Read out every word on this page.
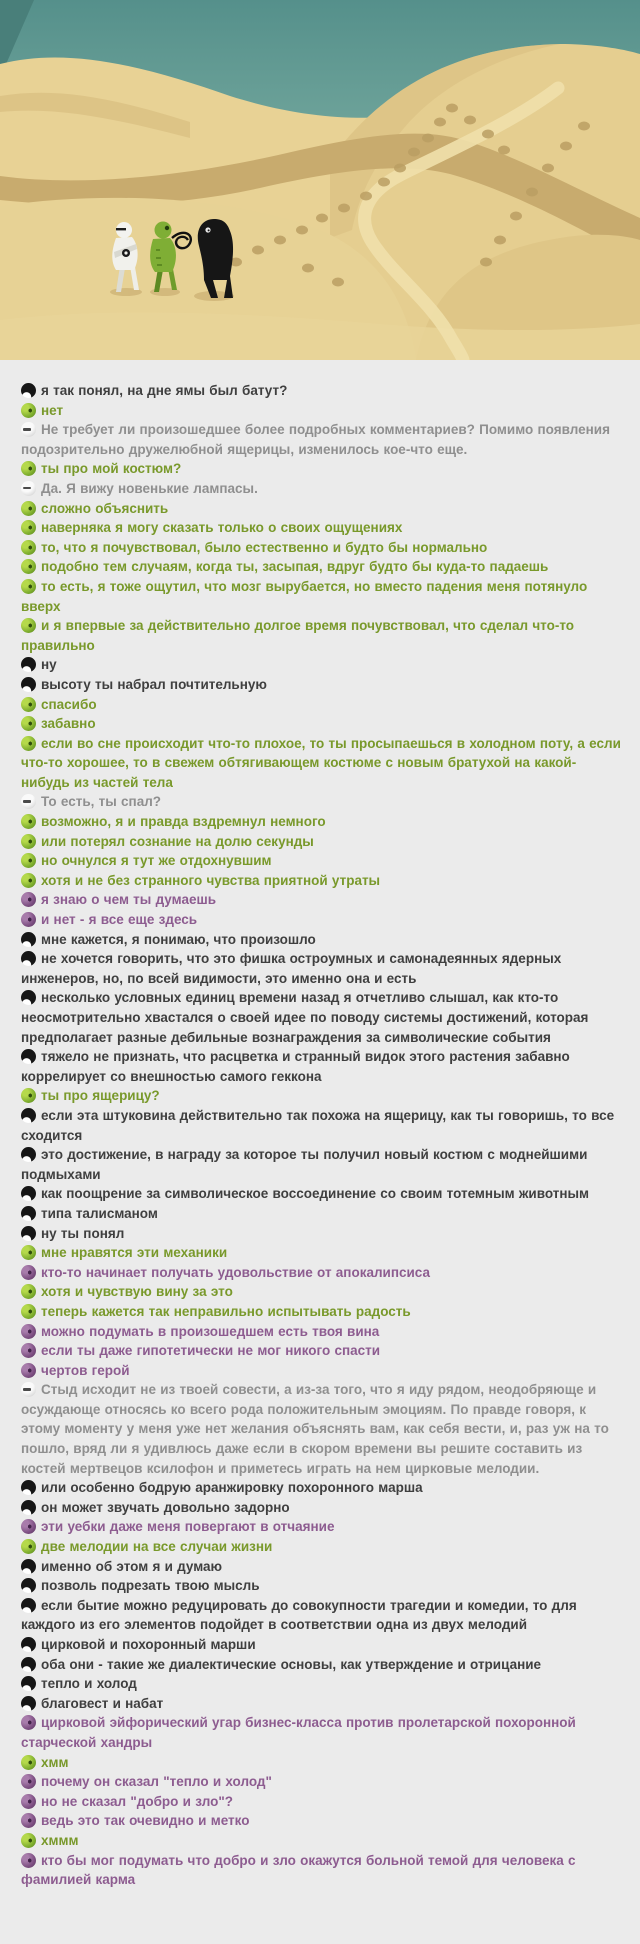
я так понял, на дне ямы был батут?

нет

Не требует ли произошедшее более подробных комментариев? Помимо появления подозрительно дружелюбной ящерицы, изменилось кое-что еще.

ты про мой костюм?

Да. Я вижу новенькие лампасы.

сложно объяснить

наверняка я могу сказать только о своих ощущениях

то, что я почувствовал, было естественно и будто бы нормально

подобно тем случаям, когда ты, засыпая, вдруг будто бы куда-то падаешь

то есть, я тоже ощутил, что мозг вырубается, но вместо падения меня потянуло вверх

и я впервые за действительно долгое время почувствовал, что сделал что-то правильно

ну

высоту ты набрал почтительную

спасибо

забавно

если во сне происходит что-то плохое, то ты просыпаешься в холодном поту, а если что-то хорошее, то в свежем обтягивающем костюме с новым братухой на какой-нибудь из частей тела

То есть, ты спал?

возможно, я и правда вздремнул немного

или потерял сознание на долю секунды

но очнулся я тут же отдохнувшим

хотя и не без странного чувства приятной утраты

я знаю о чем ты думаешь

и нет - я все еще здесь

мне кажется, я понимаю, что произошло

не хочется говорить, что это фишка остроумных и самонадеянных ядерных инженеров, но, по всей видимости, это именно она и есть

несколько условных единиц времени назад я отчетливо слышал, как кто-то неосмотрительно хвастался о своей идее по поводу системы достижений, которая предполагает разные дебильные вознаграждения за символические события

тяжело не признать, что расцветка и странный видок этого растения забавно коррелирует со внешностью самого геккона

ты про ящерицу?

если эта штуковина действительно так похожа на ящерицу, как ты говоришь, то все сходится

это достижение, в награду за которое ты получил новый костюм с моднейшими подмыхами

как поощрение за символическое воссоединение со своим тотемным животным

типа талисманом

ну ты понял

мне нравятся эти механики

кто-то начинает получать удовольствие от апокалипсиса

хотя и чувствую вину за это

теперь кажется так неправильно испытывать радость

можно подумать в произошедшем есть твоя вина

если ты даже гипотетически не мог никого спасти

чертов герой

Стыд исходит не из твоей совести, а из-за того, что я иду рядом, неодобряюще и осуждающе относясь ко всего рода положительным эмоциям. По правде говоря, к этому моменту у меня уже нет желания объяснять вам, как себя вести, и, раз уж на то пошло, вряд ли я удивлюсь даже если в скором времени вы решите составить из костей мертвецов ксилофон и приметесь играть на нем цирковые мелодии.

или особенно бодрую аранжировку похоронного марша

он может звучать довольно задорно

эти уебки даже меня повергают в отчаяние

две мелодии на все случаи жизни

именно об этом я и думаю

позволь подрезать твою мысль

если бытие можно редуцировать до совокупности трагедии и комедии, то для каждого из его элементов подойдет в соответствии одна из двух мелодий

цирковой и похоронный марши

оба они - такие же диалектические основы, как утверждение и отрицание

тепло и холод

благовест и набат

цирковой эйфорический угар бизнес-класса против пролетарской похоронной старческой хандры

хмм

почему он сказал "тепло и холод"

но не сказал "добро и зло"?

ведь это так очевидно и метко

хммм

кто бы мог подумать что добро и зло окажутся больной темой для человека с фамилией карма
